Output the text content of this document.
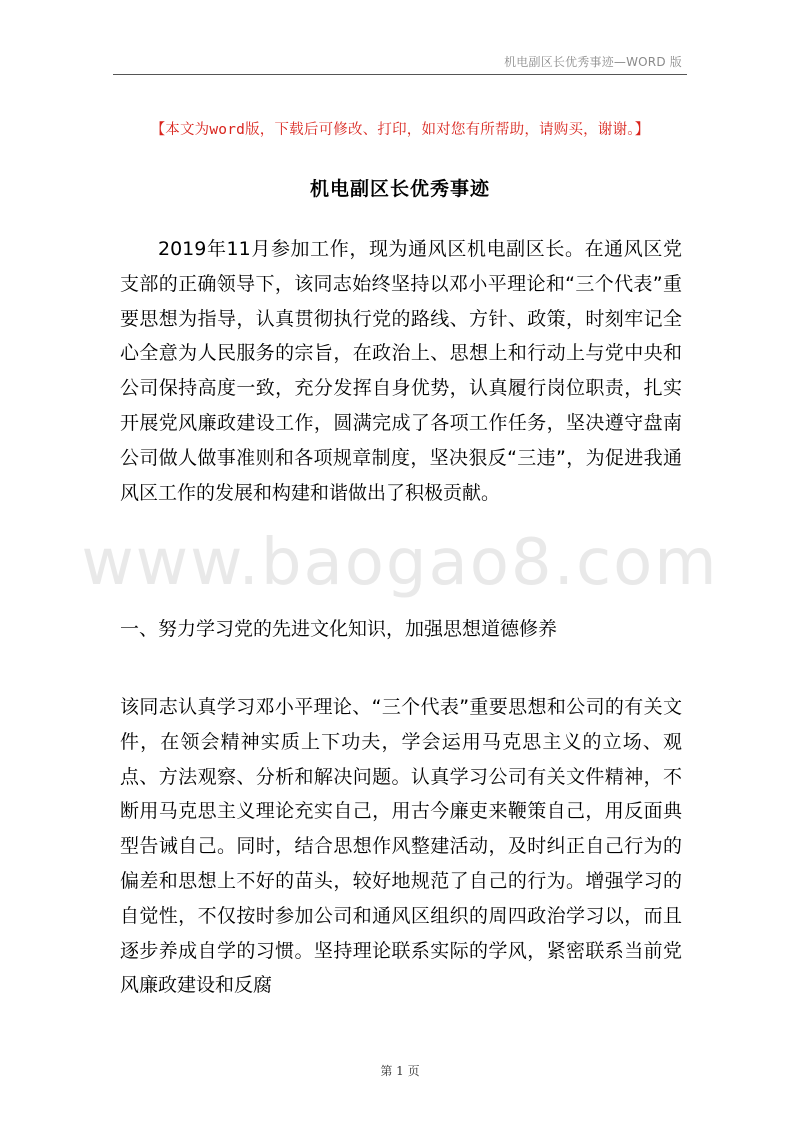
机电副区长优秀事迹—WORD 版
www.baogao8.com
【本文为word版，下载后可修改、打印，如对您有所帮助，请购买，谢谢。】
机电副区长优秀事迹

2019年11月参加工作，现为通风区机电副区长。在通风区党支部的正确领导下，该同志始终坚持以邓小平理论和“三个代表”重要思想为指导，认真贯彻执行党的路线、方针、政策，时刻牢记全心全意为人民服务的宗旨，在政治上、思想上和行动上与党中央和公司保持高度一致，充分发挥自身优势，认真履行岗位职责，扎实开展党风廉政建设工作，圆满完成了各项工作任务，坚决遵守盘南公司做人做事准则和各项规章制度，坚决狠反“三违”，为促进我通风区工作的发展和构建和谐做出了积极贡献。

一、努力学习党的先进文化知识，加强思想道德修养

该同志认真学习邓小平理论、“三个代表”重要思想和公司的有关文件，在领会精神实质上下功夫，学会运用马克思主义的立场、观点、方法观察、分析和解决问题。认真学习公司有关文件精神，不断用马克思主义理论充实自己，用古今廉吏来鞭策自己，用反面典型告诫自己。同时，结合思想作风整建活动，及时纠正自己行为的偏差和思想上不好的苗头，较好地规范了自己的行为。增强学习的自觉性，不仅按时参加公司和通风区组织的周四政治学习以，而且逐步养成自学的习惯。坚持理论联系实际的学风，紧密联系当前党风廉政建设和反腐

第 1 页
